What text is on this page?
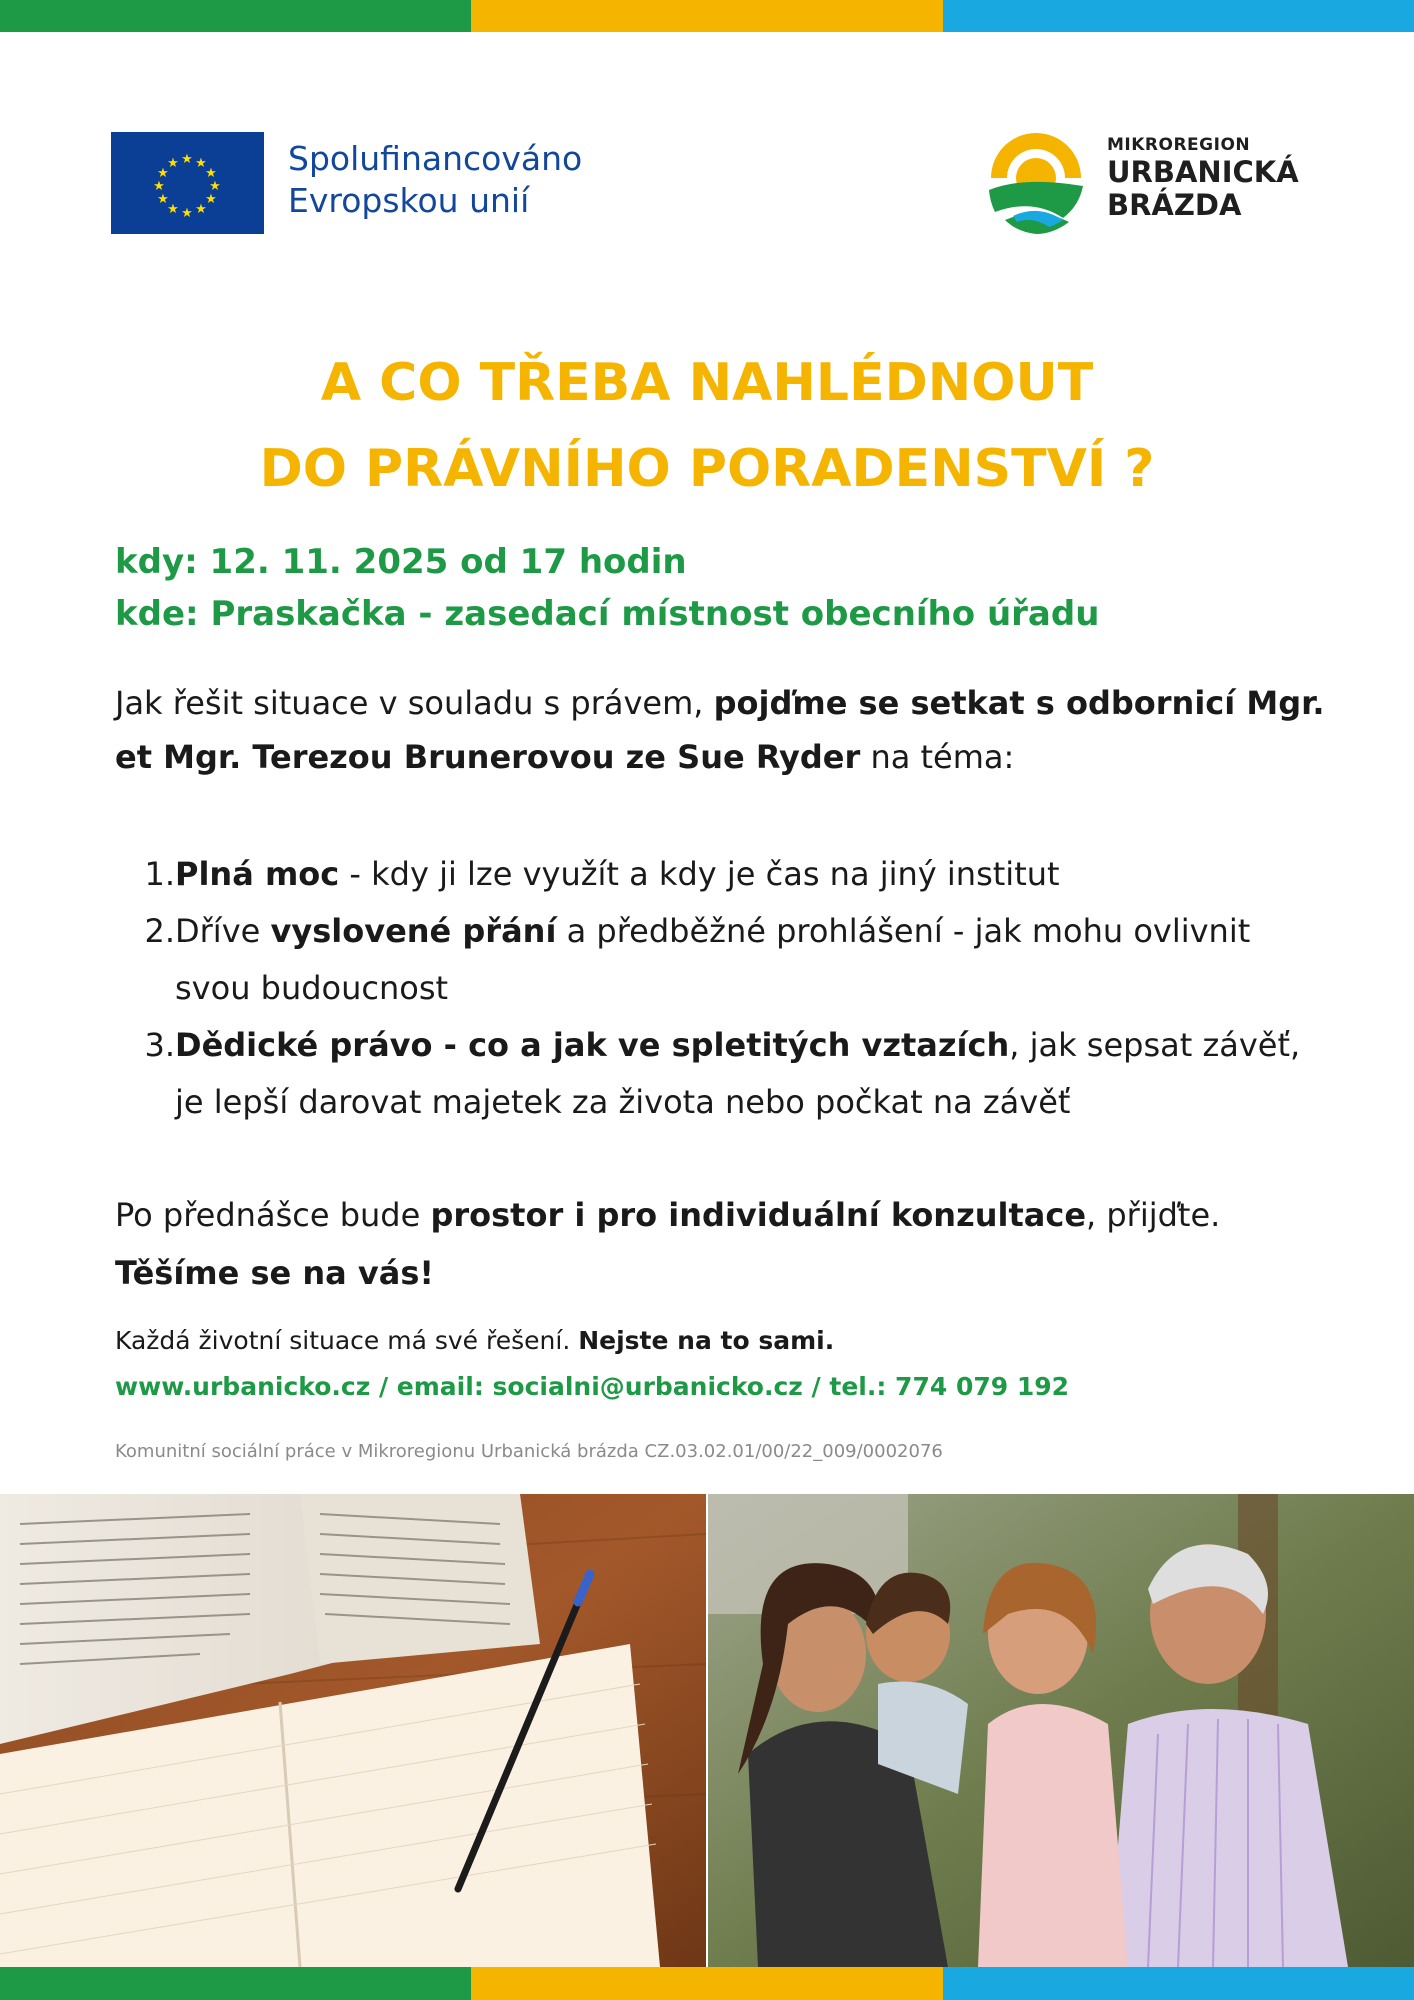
★ ★
★
★
★
★
★
★
★
★
★
★	Spolufinancováno
Evropskou unií
MIKROREGION
URBANICKÁ
BRÁZDA
A CO TŘEBA NAHLÉDNOUT
DO PRÁVNÍHO PORADENSTVÍ ?
kdy: 12. 11. 2025 od 17 hodin
kde: Praskačka - zasedací místnost obecního úřadu
Jak řešit situace v souladu s právem, pojďme se setkat s odbornicí Mgr. et Mgr. Terezou Brunerovou ze Sue Ryder na téma:
1. Plná moc - kdy ji lze využít a kdy je čas na jiný institut
2. Dříve vyslovené přání a předběžné prohlášení - jak mohu ovlivnit svou budoucnost
3. Dědické právo - co a jak ve spletitých vztazích, jak sepsat závěť, je lepší darovat majetek za života nebo počkat na závěť
Po přednášce bude prostor i pro individuální konzultace, přijďte.
Těšíme se na vás!
Každá životní situace má své řešení. Nejste na to sami.
www.urbanicko.cz / email: socialni@urbanicko.cz / tel.: 774 079 192
Komunitní sociální práce v Mikroregionu Urbanická brázda CZ.03.02.01/00/22_009/0002076
